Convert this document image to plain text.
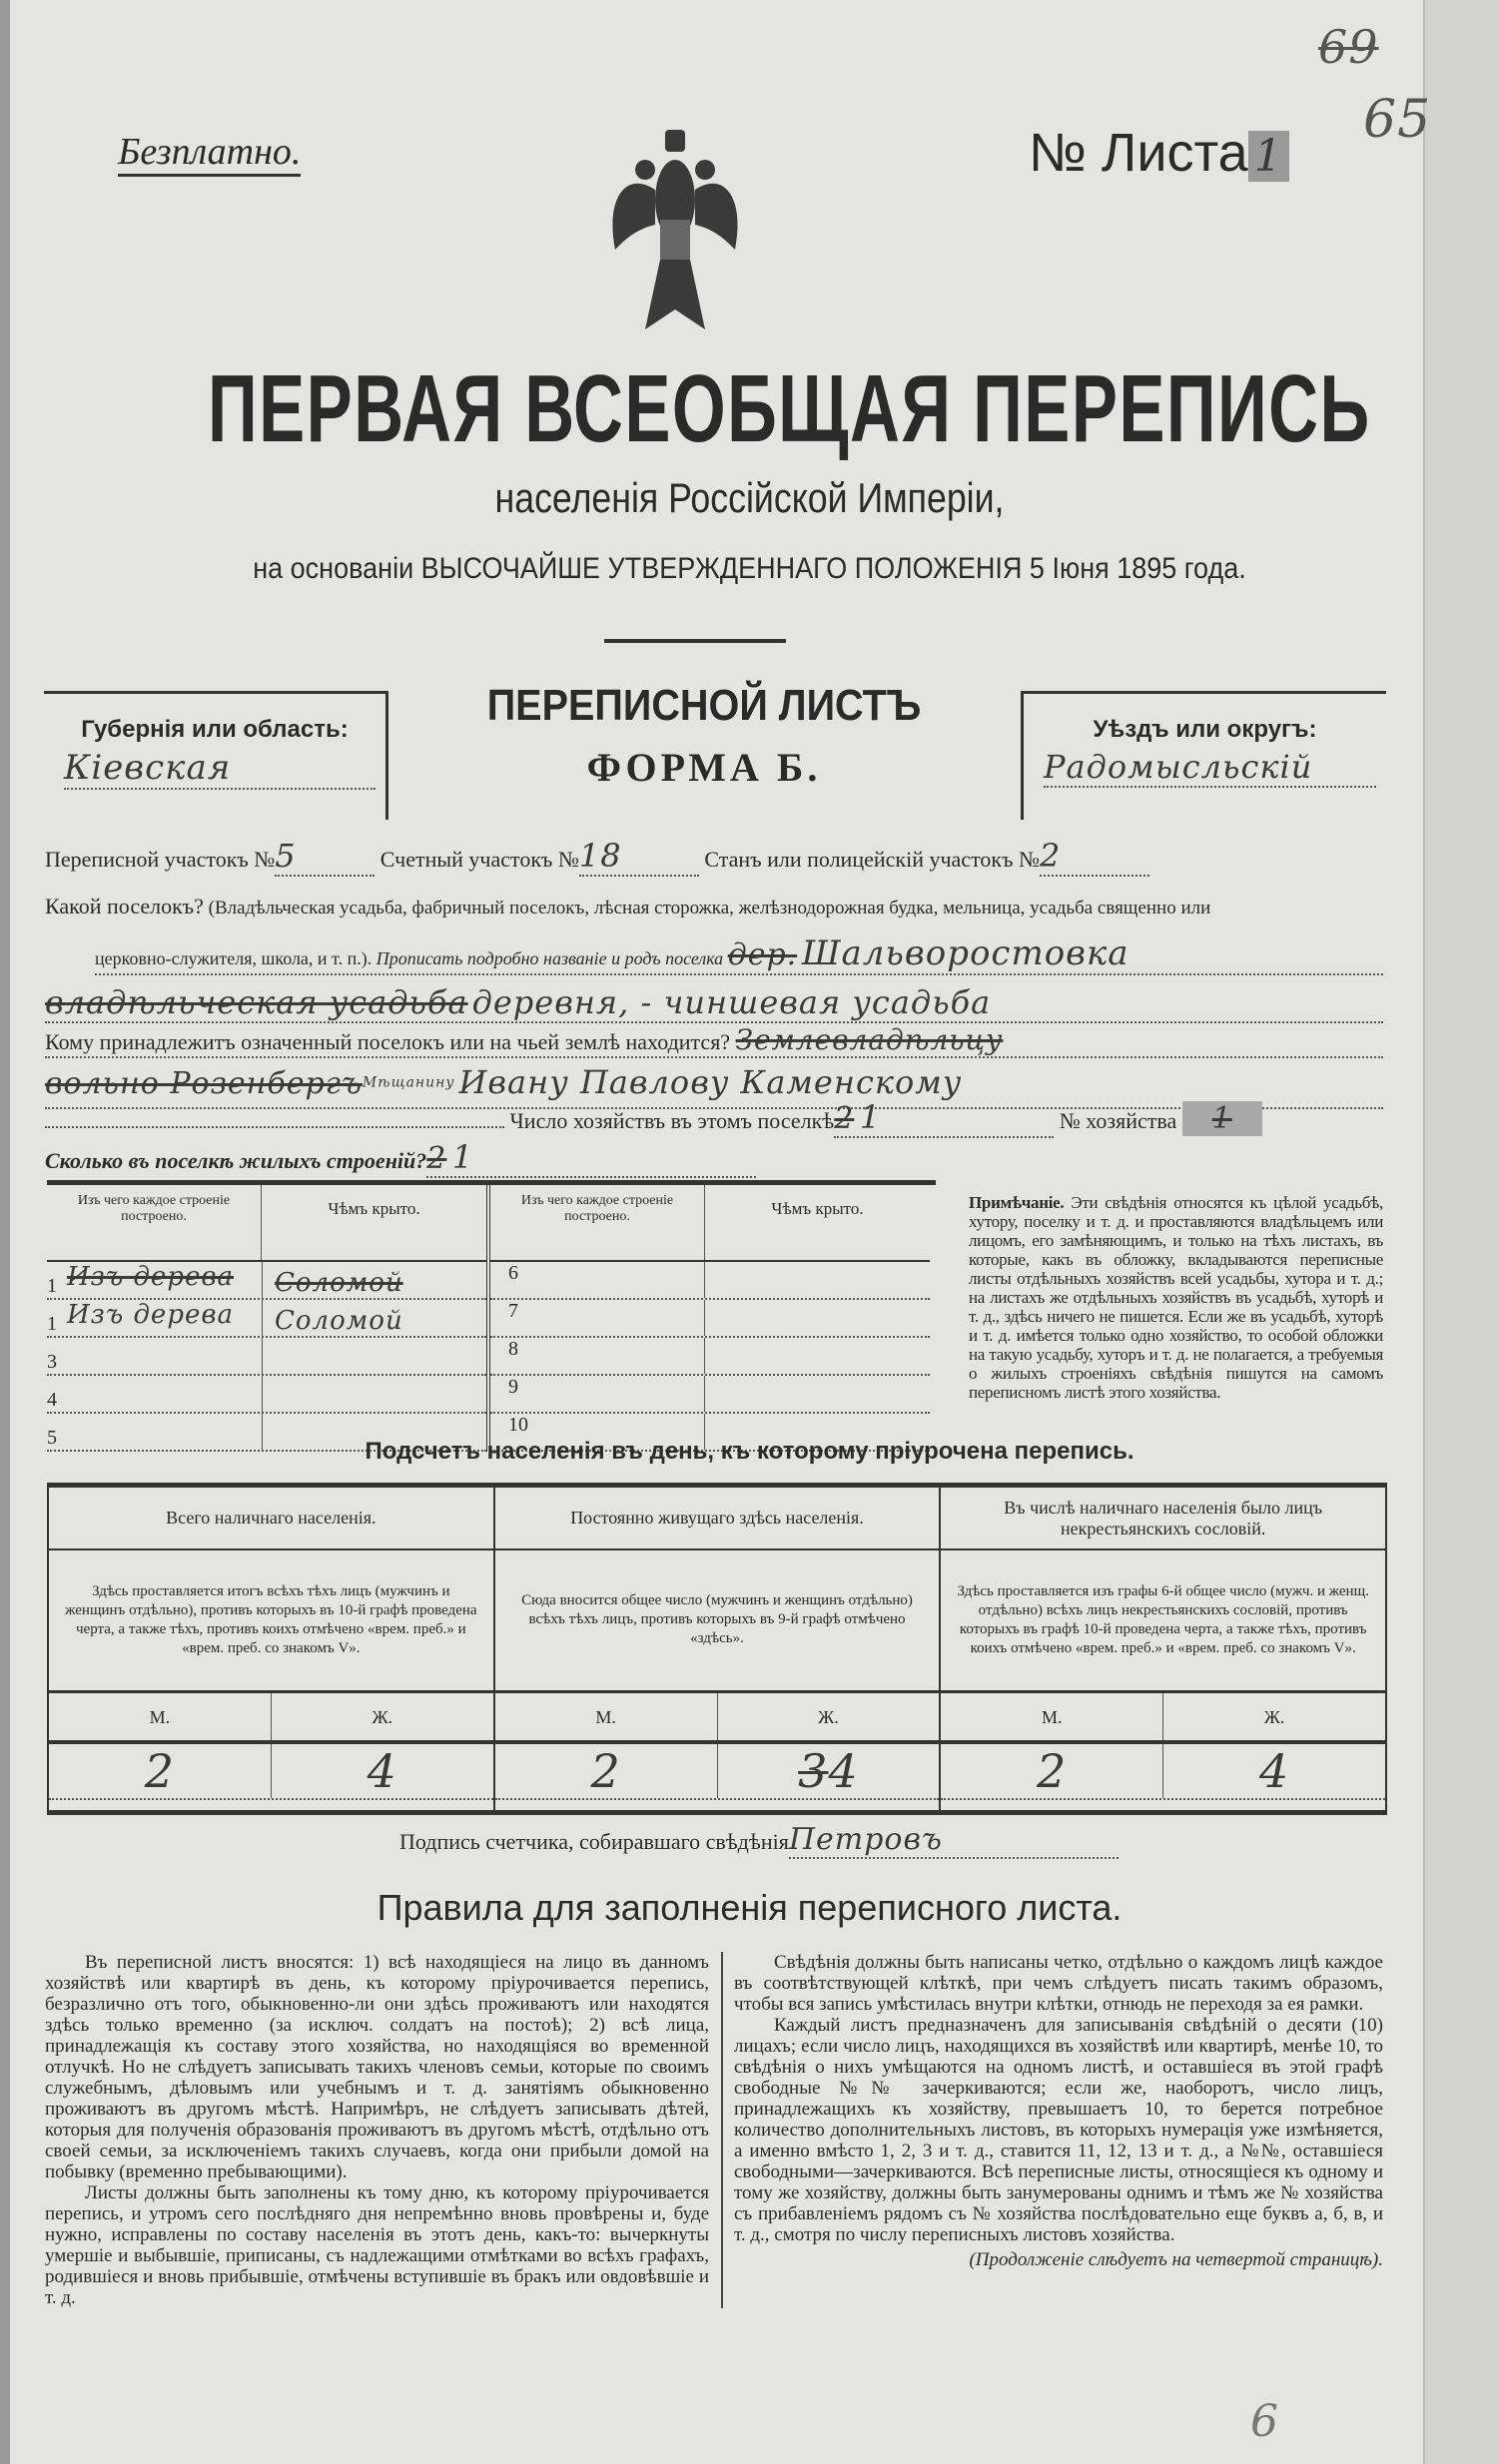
Безплатно.	№ Листа 1
69
65
ПЕРВАЯ ВСЕОБЩАЯ ПЕРЕПИСЬ
населенія Россійской Имперіи,
на основаніи ВЫСОЧАЙШЕ УТВЕРЖДЕННАГО ПОЛОЖЕНІЯ 5 Іюня 1895 года.
Губернія или область:
Кіевская
ПЕРЕПИСНОЙ ЛИСТЪ
ФОРМА Б.
Уѣздъ или округъ:
Радомысльскій
Переписной участокъ №5	Счетный участокъ №18	Станъ или полицейскій участокъ №2
Какой поселокъ? (Владѣльческая усадьба, фабричный поселокъ, лѣсная сторожка, желѣзнодорожная будка, мельница, усадьба священно или
церковно-служителя, школа, и т. п.). Прописать подробно названіе и родъ поселка дер. Шальворостовка
владѣльческая усадьба деревня, - чиншевая усадьба
Кому принадлежитъ означенный поселокъ или на чьей землѣ находится? Землевладѣльцу
вольно Розенбергъ$^{Мѣщанину}$ Ивану Павлову Каменскому
Число хозяйствъ въ этомъ поселкѣ2 1	№ хозяйства 1
Сколько въ поселкѣ жилыхъ строеній?2 1
Изъ чего каждое строеніе построено.	Чѣмъ крыто.
1 Изъ дерева	Соломой
1 Изъ дерева	Соломой
3
4
5
Изъ чего каждое строеніе построено.	Чѣмъ крыто.
6
7
8
9
10
Примѣчаніе. Эти свѣдѣнія относятся къ цѣлой усадьбѣ, хутору, поселку и т. д. и проставляются владѣльцемъ или лицомъ, его замѣняющимъ, и только на тѣхъ листахъ, въ которые, какъ въ обложку, вкладываются переписные листы отдѣльныхъ хозяйствъ всей усадьбы, хутора и т. д.; на листахъ же отдѣльныхъ хозяйствъ въ усадьбѣ, хуторѣ и т. д., здѣсь ничего не пишется. Если же въ усадьбѣ, хуторѣ и т. д. имѣется только одно хозяйство, то особой обложки на такую усадьбу, хуторъ и т. д. не полагается, а требуемыя о жилыхъ строеніяхъ свѣдѣнія пишутся на самомъ переписномъ листѣ этого хозяйства.
Подсчетъ населенія въ день, къ которому пріурочена перепись.
Всего наличнаго населенія.
Здѣсь проставляется итогъ всѣхъ тѣхъ лицъ (мужчинъ и женщинъ отдѣльно), противъ которыхъ въ 10-й графѣ проведена черта, а также тѣхъ, противъ коихъ отмѣчено «врем. преб.» и «врем. преб. со знакомъ V».
М.	Ж.
2	4
Постоянно живущаго здѣсь населенія.
Сюда вносится общее число (мужчинъ и женщинъ отдѣльно) всѣхъ тѣхъ лицъ, противъ которыхъ въ 9-й графѣ отмѣчено «здѣсь».
М.	Ж.
2	34
Въ числѣ наличнаго населенія было лицъ некрестьянскихъ сословій.
Здѣсь проставляется изъ графы 6-й общее число (мужч. и женщ. отдѣльно) всѣхъ лицъ некрестьянскихъ сословій, противъ которыхъ въ графѣ 10-й проведена черта, а также тѣхъ, противъ коихъ отмѣчено «врем. преб.» и «врем. преб. со знакомъ V».
М.	Ж.
2	4
Подпись счетчика, собиравшаго свѣдѣніяПетровъ
Правила для заполненія переписного листа.

Въ переписной листъ вносятся: 1) всѣ находящіеся на лицо въ данномъ хозяйствѣ или квартирѣ въ день, къ которому пріурочивается перепись, безразлично отъ того, обыкновенно-ли они здѣсь проживаютъ или находятся здѣсь только временно (за исключ. солдатъ на постоѣ); 2) всѣ лица, принадлежащія къ составу этого хозяйства, но находящіяся во временной отлучкѣ. Но не слѣдуетъ записывать такихъ членовъ семьи, которые по своимъ служебнымъ, дѣловымъ или учебнымъ и т. д. занятіямъ обыкновенно проживаютъ въ другомъ мѣстѣ. Напримѣръ, не слѣдуетъ записывать дѣтей, которыя для полученія образованія проживаютъ въ другомъ мѣстѣ, отдѣльно отъ своей семьи, за исключеніемъ такихъ случаевъ, когда они прибыли домой на побывку (временно пребывающими).

Листы должны быть заполнены къ тому дню, къ которому пріурочивается перепись, и утромъ сего послѣдняго дня непремѣнно вновь провѣрены и, буде нужно, исправлены по составу населенія въ этотъ день, какъ-то: вычеркнуты умершіе и выбывшіе, приписаны, съ надлежащими отмѣтками во всѣхъ графахъ, родившіеся и вновь прибывшіе, отмѣчены вступившіе въ бракъ или овдовѣвшіе и т. д.

Свѣдѣнія должны быть написаны четко, отдѣльно о каждомъ лицѣ каждое въ соотвѣтствующей клѣткѣ, при чемъ слѣдуетъ писать такимъ образомъ, чтобы вся запись умѣстилась внутри клѣтки, отнюдь не переходя за ея рамки.

Каждый листъ предназначенъ для записыванія свѣдѣній о десяти (10) лицахъ; если число лицъ, находящихся въ хозяйствѣ или квартирѣ, менѣе 10, то свѣдѣнія о нихъ умѣщаются на одномъ листѣ, и оставшіеся въ этой графѣ свободные №№ зачеркиваются; если же, наоборотъ, число лицъ, принадлежащихъ къ хозяйству, превышаетъ 10, то берется потребное количество дополнительныхъ листовъ, въ которыхъ нумерація уже измѣняется, а именно вмѣсто 1, 2, 3 и т. д., ставится 11, 12, 13 и т. д., а №№, оставшіеся свободными—зачеркиваются. Всѣ переписные листы, относящіеся къ одному и тому же хозяйству, должны быть занумерованы однимъ и тѣмъ же № хозяйства съ прибавленіемъ рядомъ съ № хозяйства послѣдовательно еще буквъ а, б, в, и т. д., смотря по числу переписныхъ листовъ хозяйства.

(Продолженіе слѣдуетъ на четвертой страницѣ).
6
